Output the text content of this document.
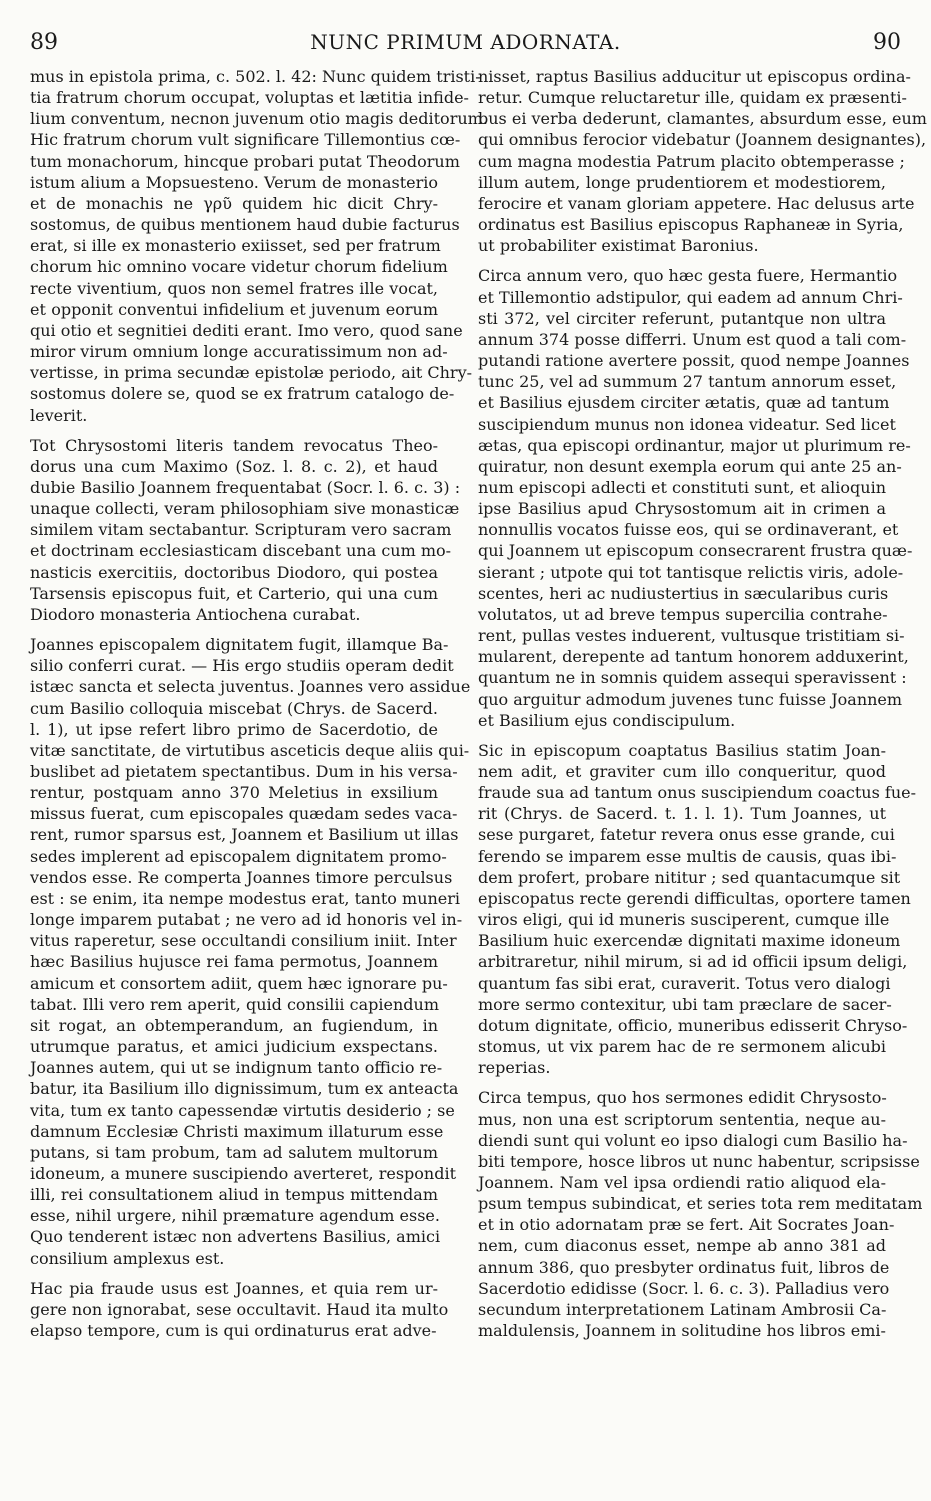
89	NUNC PRIMUM ADORNATA.	90
mus in epistola prima, c. 502. l. 42: Nunc quidem tristi-
tia fratrum chorum occupat, voluptas et lætitia infide-
lium conventum, necnon juvenum otio magis deditorum.
Hic fratrum chorum vult significare Tillemontius cœ-
tum monachorum, hincque probari putat Theodorum
istum alium a Mopsuesteno. Verum de monasterio
et de monachis ne γρῦ quidem hic dicit Chry-
sostomus, de quibus mentionem haud dubie facturus
erat, si ille ex monasterio exiisset, sed per fratrum
chorum hic omnino vocare videtur chorum fidelium
recte viventium, quos non semel fratres ille vocat,
et opponit conventui infidelium et juvenum eorum
qui otio et segnitiei dediti erant. Imo vero, quod sane
miror virum omnium longe accuratissimum non ad-
vertisse, in prima secundæ epistolæ periodo, ait Chry-
sostomus dolere se, quod se ex fratrum catalogo de-
leverit.
Tot Chrysostomi literis tandem revocatus Theo-
dorus una cum Maximo (Soz. l. 8. c. 2), et haud
dubie Basilio Joannem frequentabat (Socr. l. 6. c. 3) :
unaque collecti, veram philosophiam sive monasticæ
similem vitam sectabantur. Scripturam vero sacram
et doctrinam ecclesiasticam discebant una cum mo-
nasticis exercitiis, doctoribus Diodoro, qui postea
Tarsensis episcopus fuit, et Carterio, qui una cum
Diodoro monasteria Antiochena curabat.
Joannes episcopalem dignitatem fugit, illamque Ba-
silio conferri curat. — His ergo studiis operam dedit
istæc sancta et selecta juventus. Joannes vero assidue
cum Basilio colloquia miscebat (Chrys. de Sacerd.
l. 1), ut ipse refert libro primo de Sacerdotio, de
vitæ sanctitate, de virtutibus asceticis deque aliis qui-
buslibet ad pietatem spectantibus. Dum in his versa-
rentur, postquam anno 370 Meletius in exsilium
missus fuerat, cum episcopales quædam sedes vaca-
rent, rumor sparsus est, Joannem et Basilium ut illas
sedes implerent ad episcopalem dignitatem promo-
vendos esse. Re comperta Joannes timore perculsus
est : se enim, ita nempe modestus erat, tanto muneri
longe imparem putabat ; ne vero ad id honoris vel in-
vitus raperetur, sese occultandi consilium iniit. Inter
hæc Basilius hujusce rei fama permotus, Joannem
amicum et consortem adiit, quem hæc ignorare pu-
tabat. Illi vero rem aperit, quid consilii capiendum
sit rogat, an obtemperandum, an fugiendum, in
utrumque paratus, et amici judicium exspectans.
Joannes autem, qui ut se indignum tanto officio re-
batur, ita Basilium illo dignissimum, tum ex anteacta
vita, tum ex tanto capessendæ virtutis desiderio ; se
damnum Ecclesiæ Christi maximum illaturum esse
putans, si tam probum, tam ad salutem multorum
idoneum, a munere suscipiendo averteret, respondit
illi, rei consultationem aliud in tempus mittendam
esse, nihil urgere, nihil præmature agendum esse.
Quo tenderent istæc non advertens Basilius, amici
consilium amplexus est.
Hac pia fraude usus est Joannes, et quia rem ur-
gere non ignorabat, sese occultavit. Haud ita multo
elapso tempore, cum is qui ordinaturus erat adve-
nisset, raptus Basilius adducitur ut episcopus ordina-
retur. Cumque reluctaretur ille, quidam ex præsenti-
bus ei verba dederunt, clamantes, absurdum esse, eum
qui omnibus ferocior videbatur (Joannem designantes),
cum magna modestia Patrum placito obtemperasse ;
illum autem, longe prudentiorem et modestiorem,
ferocire et vanam gloriam appetere. Hac delusus arte
ordinatus est Basilius episcopus Raphaneæ in Syria,
ut probabiliter existimat Baronius.
Circa annum vero, quo hæc gesta fuere, Hermantio
et Tillemontio adstipulor, qui eadem ad annum Chri-
sti 372, vel circiter referunt, putantque non ultra
annum 374 posse differri. Unum est quod a tali com-
putandi ratione avertere possit, quod nempe Joannes
tunc 25, vel ad summum 27 tantum annorum esset,
et Basilius ejusdem circiter ætatis, quæ ad tantum
suscipiendum munus non idonea videatur. Sed licet
ætas, qua episcopi ordinantur, major ut plurimum re-
quiratur, non desunt exempla eorum qui ante 25 an-
num episcopi adlecti et constituti sunt, et alioquin
ipse Basilius apud Chrysostomum ait in crimen a
nonnullis vocatos fuisse eos, qui se ordinaverant, et
qui Joannem ut episcopum consecrarent frustra quæ-
sierant ; utpote qui tot tantisque relictis viris, adole-
scentes, heri ac nudiustertius in sæcularibus curis
volutatos, ut ad breve tempus supercilia contrahe-
rent, pullas vestes induerent, vultusque tristitiam si-
mularent, derepente ad tantum honorem adduxerint,
quantum ne in somnis quidem assequi speravissent :
quo arguitur admodum juvenes tunc fuisse Joannem
et Basilium ejus condiscipulum.
Sic in episcopum coaptatus Basilius statim Joan-
nem adit, et graviter cum illo conqueritur, quod
fraude sua ad tantum onus suscipiendum coactus fue-
rit (Chrys. de Sacerd. t. 1. l. 1). Tum Joannes, ut
sese purgaret, fatetur revera onus esse grande, cui
ferendo se imparem esse multis de causis, quas ibi-
dem profert, probare nititur ; sed quantacumque sit
episcopatus recte gerendi difficultas, oportere tamen
viros eligi, qui id muneris susciperent, cumque ille
Basilium huic exercendæ dignitati maxime idoneum
arbitraretur, nihil mirum, si ad id officii ipsum deligi,
quantum fas sibi erat, curaverit. Totus vero dialogi
more sermo contexitur, ubi tam præclare de sacer-
dotum dignitate, officio, muneribus edisserit Chryso-
stomus, ut vix parem hac de re sermonem alicubi
reperias.
Circa tempus, quo hos sermones edidit Chrysosto-
mus, non una est scriptorum sententia, neque au-
diendi sunt qui volunt eo ipso dialogi cum Basilio ha-
biti tempore, hosce libros ut nunc habentur, scripsisse
Joannem. Nam vel ipsa ordiendi ratio aliquod ela-
psum tempus subindicat, et series tota rem meditatam
et in otio adornatam præ se fert. Ait Socrates Joan-
nem, cum diaconus esset, nempe ab anno 381 ad
annum 386, quo presbyter ordinatus fuit, libros de
Sacerdotio edidisse (Socr. l. 6. c. 3). Palladius vero
secundum interpretationem Latinam Ambrosii Ca-
maldulensis, Joannem in solitudine hos libros emi-
